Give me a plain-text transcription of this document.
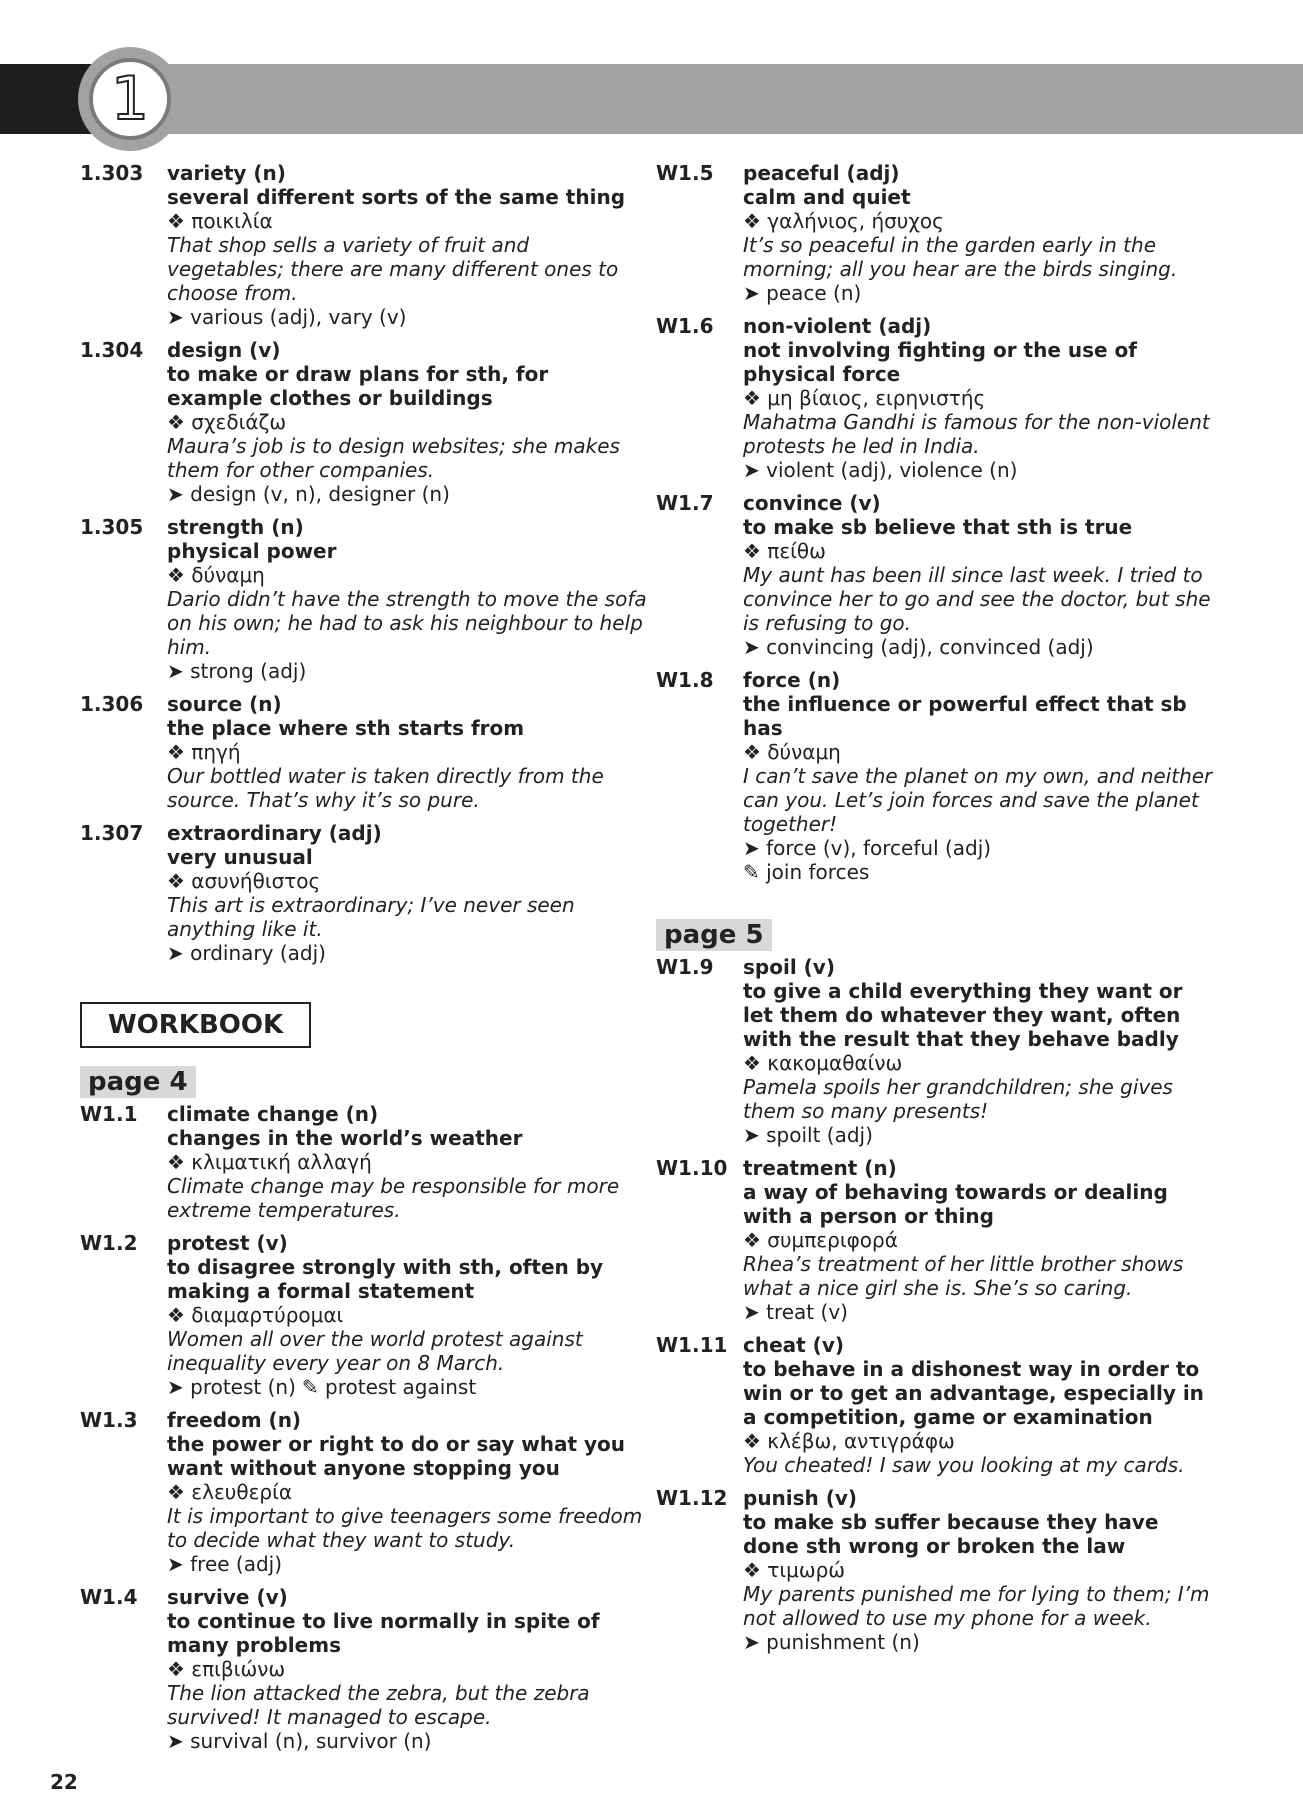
1
1.303	variety (n)
several different sorts of the same thing
❖ ποικιλία
That shop sells a variety of fruit and vegetables; there are many different ones to choose from.
➤ various (adj), vary (v)
1.304	design (v)
to make or draw plans for sth, for example clothes or buildings
❖ σχεδιάζω
Maura’s job is to design websites; she makes them for other companies.
➤ design (v, n), designer (n)
1.305	strength (n)
physical power
❖ δύναμη
Dario didn’t have the strength to move the sofa on his own; he had to ask his neighbour to help him.
➤ strong (adj)
1.306	source (n)
the place where sth starts from
❖ πηγή
Our bottled water is taken directly from the source. That’s why it’s so pure.
1.307	extraordinary (adj)
very unusual
❖ ασυνήθιστος
This art is extraordinary; I’ve never seen anything like it.
➤ ordinary (adj)
WORKBOOK
page 4
W1.1	climate change (n)
changes in the world’s weather
❖ κλιματική αλλαγή
Climate change may be responsible for more extreme temperatures.
W1.2	protest (v)
to disagree strongly with sth, often by making a formal statement
❖ διαμαρτύρομαι
Women all over the world protest against inequality every year on 8 March.
➤ protest (n)✎ protest against
W1.3	freedom (n)
the power or right to do or say what you want without anyone stopping you
❖ ελευθερία
It is important to give teenagers some freedom to decide what they want to study.
➤ free (adj)
W1.4	survive (v)
to continue to live normally in spite of many problems
❖ επιβιώνω
The lion attacked the zebra, but the zebra survived! It managed to escape.
➤ survival (n), survivor (n)
W1.5	peaceful (adj)
calm and quiet
❖ γαλήνιος, ήσυχος
It’s so peaceful in the garden early in the morning; all you hear are the birds singing.
➤ peace (n)
W1.6	non-violent (adj)
not involving fighting or the use of physical force
❖ μη βίαιος, ειρηνιστής
Mahatma Gandhi is famous for the non-violent protests he led in India.
➤ violent (adj), violence (n)
W1.7	convince (v)
to make sb believe that sth is true
❖ πείθω
My aunt has been ill since last week. I tried to convince her to go and see the doctor, but she is refusing to go.
➤ convincing (adj), convinced (adj)
W1.8	force (n)
the influence or powerful effect that sb has
❖ δύναμη
I can’t save the planet on my own, and neither can you. Let’s join forces and save the planet together!
➤ force (v), forceful (adj)
✎ join forces
page 5
W1.9	spoil (v)
to give a child everything they want or let them do whatever they want, often with the result that they behave badly
❖ κακομαθαίνω
Pamela spoils her grandchildren; she gives them so many presents!
➤ spoilt (adj)
W1.10 treatment (n)
a way of behaving towards or dealing with a person or thing
❖ συμπεριφορά
Rhea’s treatment of her little brother shows what a nice girl she is. She’s so caring.
➤ treat (v)
W1.11 cheat (v)
to behave in a dishonest way in order to win or to get an advantage, especially in a competition, game or examination
❖ κλέβω, αντιγράφω
You cheated! I saw you looking at my cards.
W1.12 punish (v)
to make sb suffer because they have done sth wrong or broken the law
❖ τιμωρώ
My parents punished me for lying to them; I’m not allowed to use my phone for a week.
➤ punishment (n)
22
